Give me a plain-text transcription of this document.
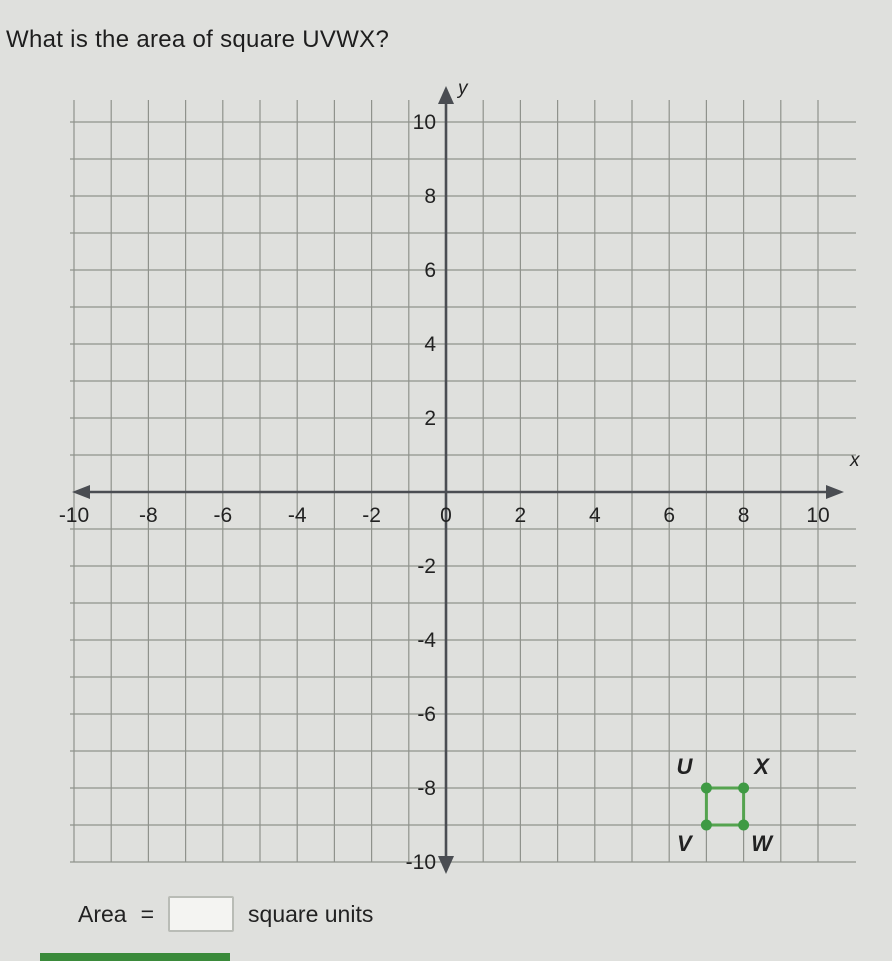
What is the area of square UVWX?
x
y
-10 -8	-6	-4	-2	0	2	4	6	8	10
10
8
6
4
2
-2
-4
-6
-8
-10
U	X
W
V
Area =	square units
